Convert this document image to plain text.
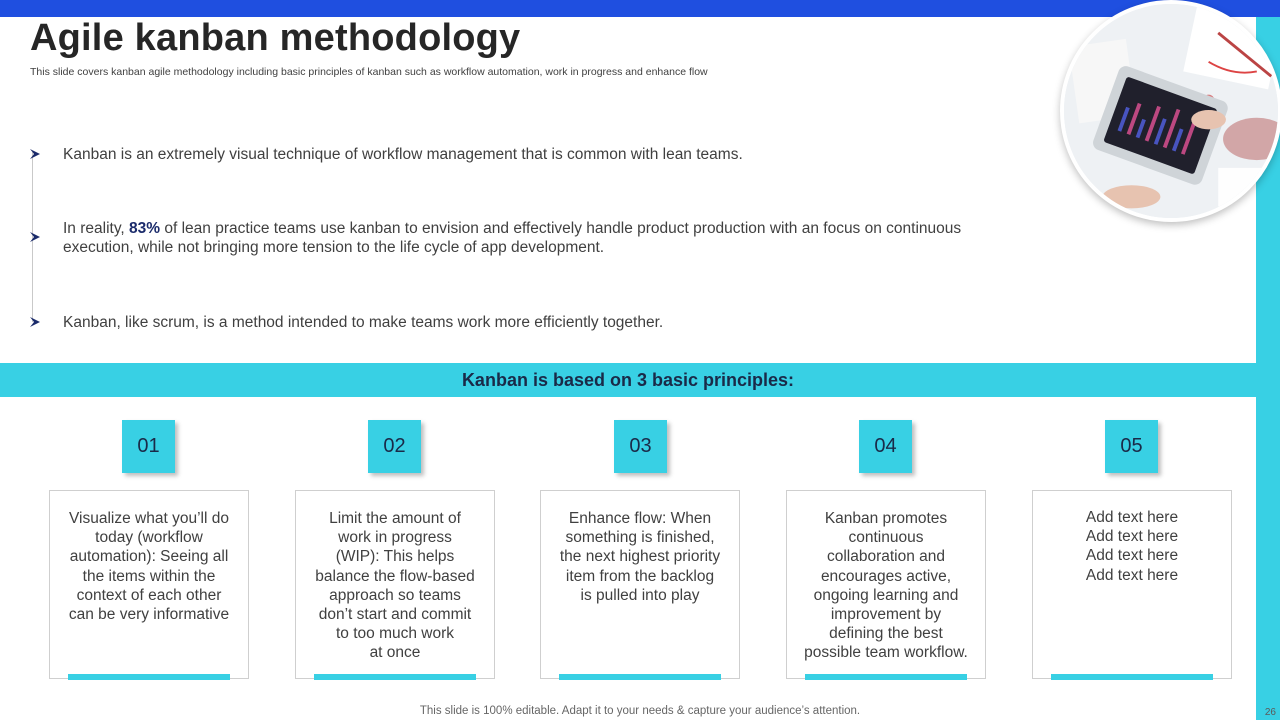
26
Agile kanban methodology

This slide covers kanban agile methodology including basic principles of kanban such as workflow automation, work in progress and enhance flow

Kanban is an extremely visual technique of workflow management that is common with lean teams.

In reality, 83% of lean practice teams use kanban to envision and effectively handle product production with an focus on continuous execution, while not bringing more tension to the life cycle of app development.

Kanban, like scrum, is a method intended to make teams work more efficiently together.

Kanban is based on 3 basic principles:
01
Visualize what you’ll do
today (workflow
automation): Seeing all
the items within the
context of each other
can be very informative
02
Limit the amount of
work in progress
(WIP): This helps
balance the flow-based
approach so teams
don’t start and commit
to too much work
at once
03
Enhance flow: When
something is finished,
the next highest priority
item from the backlog
is pulled into play
04
Kanban promotes
continuous
collaboration and
encourages active,
ongoing learning and
improvement by
defining the best
possible team workflow.
05
Add text here
Add text here
Add text here
Add text here
This slide is 100% editable. Adapt it to your needs & capture your audience’s attention.
